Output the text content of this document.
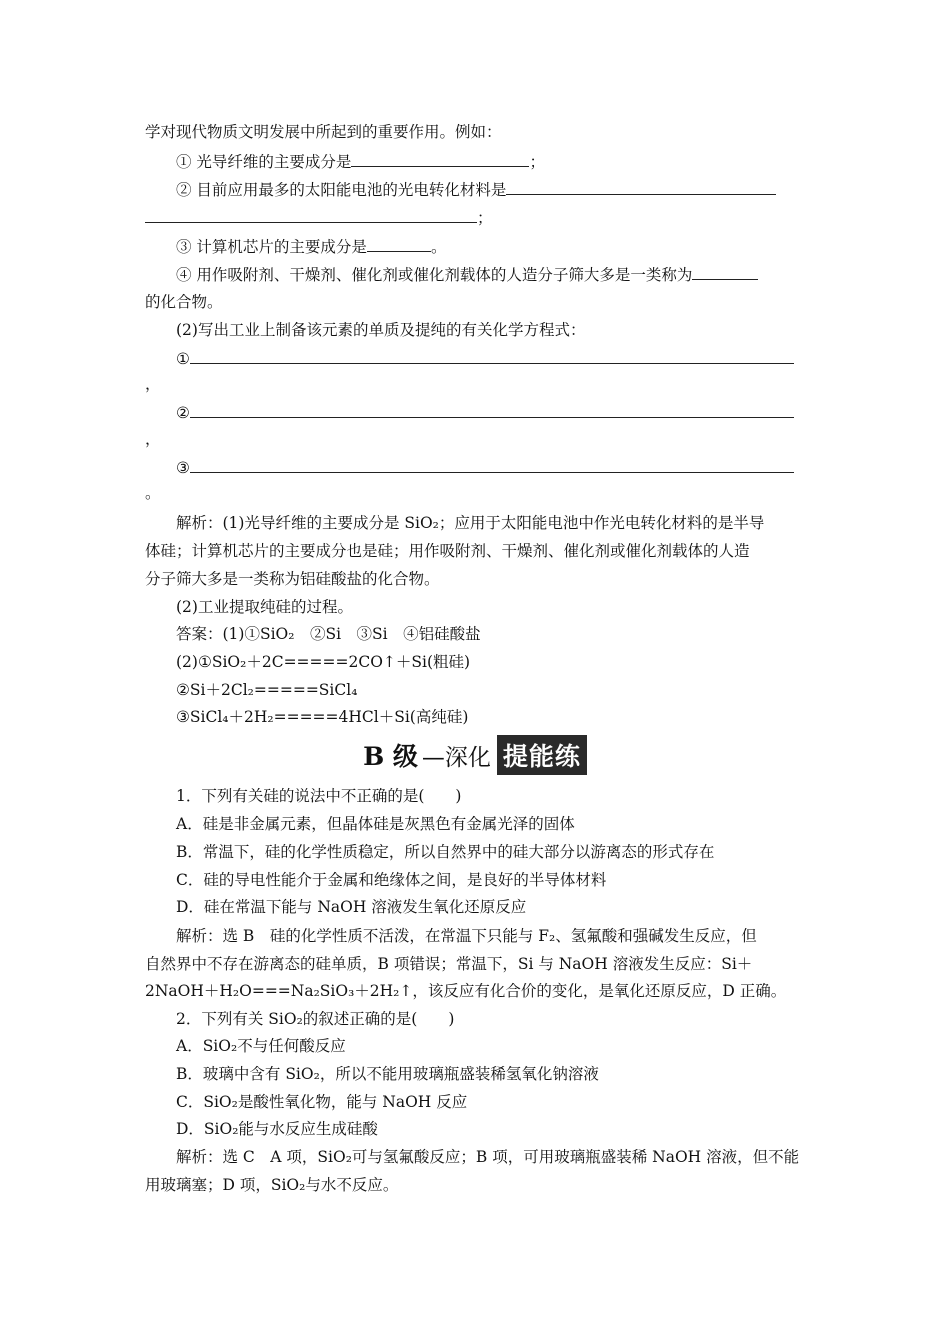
学对现代物质文明发展中所起到的重要作用。例如：
① 光导纤维的主要成分是	；
② 目前应用最多的太阳能电池的光电转化材料是
；
③ 计算机芯片的主要成分是	。
④ 用作吸附剂、干燥剂、催化剂或催化剂载体的人造分子筛大多是一类称为
的化合物。
(2)写出工业上制备该元素的单质及提纯的有关化学方程式：
①
，
②
，
③
。
解析：(1)光导纤维的主要成分是 SiO₂；应用于太阳能电池中作光电转化材料的是半导
体硅；计算机芯片的主要成分也是硅；用作吸附剂、干燥剂、催化剂或催化剂载体的人造
分子筛大多是一类称为铝硅酸盐的化合物。
(2)工业提取纯硅的过程。
答案：(1)①SiO₂　②Si　③Si　④铝硅酸盐
(2)①SiO₂＋2C=====2CO↑＋Si(粗硅)
②Si＋2Cl₂=====SiCl₄
③SiCl₄＋2H₂=====4HCl＋Si(高纯硅)
B 级 —深化 提能练
1．下列有关硅的说法中不正确的是(　　)
A．硅是非金属元素，但晶体硅是灰黑色有金属光泽的固体
B．常温下，硅的化学性质稳定，所以自然界中的硅大部分以游离态的形式存在
C．硅的导电性能介于金属和绝缘体之间，是良好的半导体材料
D．硅在常温下能与 NaOH 溶液发生氧化还原反应
解析：选 B　硅的化学性质不活泼，在常温下只能与 F₂、氢氟酸和强碱发生反应，但
自然界中不存在游离态的硅单质，B 项错误；常温下，Si 与 NaOH 溶液发生反应：Si＋
2NaOH＋H₂O===Na₂SiO₃＋2H₂↑，该反应有化合价的变化，是氧化还原反应，D 正确。
2．下列有关 SiO₂的叙述正确的是(　　)
A．SiO₂不与任何酸反应
B．玻璃中含有 SiO₂，所以不能用玻璃瓶盛装稀氢氧化钠溶液
C．SiO₂是酸性氧化物，能与 NaOH 反应
D．SiO₂能与水反应生成硅酸
解析：选 C　A 项，SiO₂可与氢氟酸反应；B 项，可用玻璃瓶盛装稀 NaOH 溶液，但不能
用玻璃塞；D 项，SiO₂与水不反应。
